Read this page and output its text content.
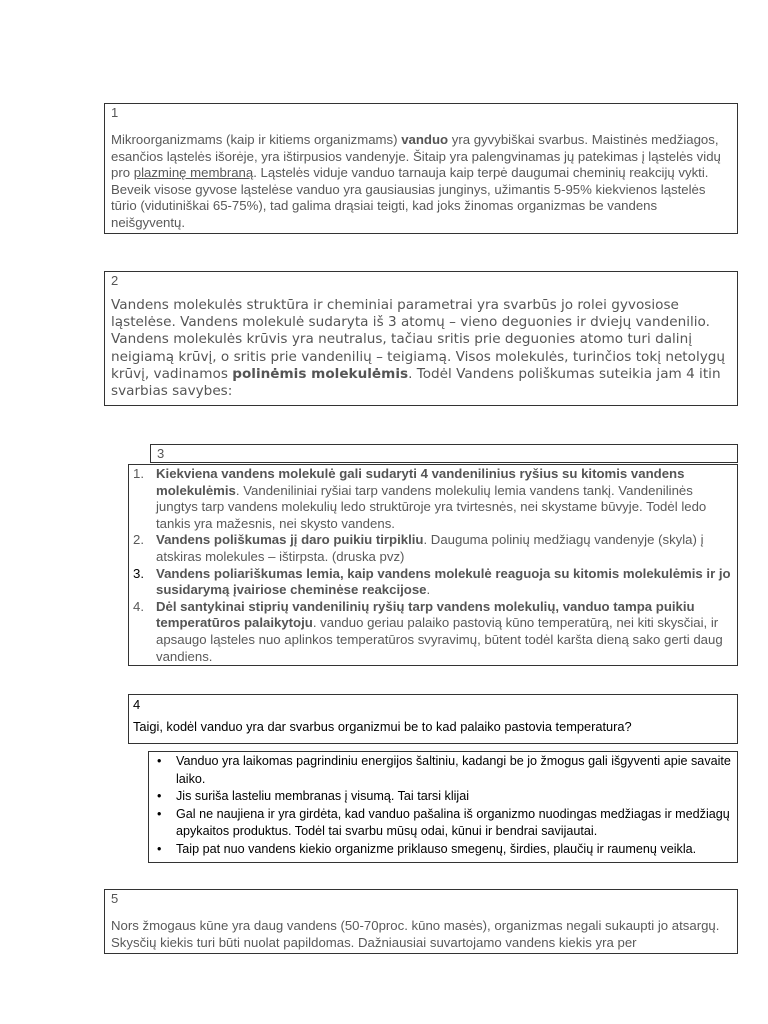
1
Mikroorganizmams (kaip ir kitiems organizmams) vanduo yra gyvybiškai svarbus. Maistinės medžiagos, esančios ląstelės išorėje, yra ištirpusios vandenyje. Šitaip yra palengvinamas jų patekimas į ląstelės vidų pro plazminę membraną. Ląstelės viduje vanduo tarnauja kaip terpė daugumai cheminių reakcijų vykti. Beveik visose gyvose ląstelėse vanduo yra gausiausias junginys, užimantis 5-95% kiekvienos ląstelės tūrio (vidutiniškai 65-75%), tad galima drąsiai teigti, kad joks žinomas organizmas be vandens neišgyventų.
2
Vandens molekulės struktūra ir cheminiai parametrai yra svarbūs jo rolei gyvosiose ląstelėse. Vandens molekulė sudaryta iš 3 atomų – vieno deguonies ir dviejų vandenilio. Vandens molekulės krūvis yra neutralus, tačiau sritis prie deguonies atomo turi dalinį neigiamą krūvį, o sritis prie vandenilių – teigiamą. Visos molekulės, turinčios tokį netolygų krūvį, vadinamos polinėmis molekulėmis. Todėl Vandens poliškumas suteikia jam 4 itin svarbias savybes:
3
1. Kiekviena vandens molekulė gali sudaryti 4 vandenilinius ryšius su kitomis vandens molekulėmis. Vandeniliniai ryšiai tarp vandens molekulių lemia vandens tankį. Vandenilinės jungtys tarp vandens molekulių ledo struktūroje yra tvirtesnės, nei skystame būvyje. Todėl ledo tankis yra mažesnis, nei skysto vandens.
2. Vandens poliškumas jį daro puikiu tirpikliu. Dauguma polinių medžiagų vandenyje (skyla) į atskiras molekules – ištirpsta. (druska pvz)
3. Vandens poliariškumas lemia, kaip vandens molekulė reaguoja su kitomis molekulėmis ir jo susidarymą įvairiose cheminėse reakcijose.
4. Dėl santykinai stiprių vandenilinių ryšių tarp vandens molekulių, vanduo tampa puikiu temperatūros palaikytoju. vanduo geriau palaiko pastovią kūno temperatūrą, nei kiti skysčiai, ir apsaugo ląsteles nuo aplinkos temperatūros svyravimų, būtent todėl karšta dieną sako gerti daug vandiens.
4
Taigi, kodėl vanduo yra dar svarbus organizmui be to kad palaiko pastovia temperatura?
• Vanduo yra laikomas pagrindiniu energijos šaltiniu, kadangi be jo žmogus gali išgyventi apie savaite laiko.
• Jis suriša lasteliu membranas į visumą. Tai tarsi klijai
• Gal ne naujiena ir yra girdėta, kad vanduo pašalina iš organizmo nuodingas medžiagas ir medžiagų apykaitos produktus. Todėl tai svarbu mūsų odai, kūnui ir bendrai savijautai.
• Taip pat nuo vandens kiekio organizme priklauso smegenų, širdies, plaučių ir raumenų veikla.
5
Nors žmogaus kūne yra daug vandens (50-70proc. kūno masės), organizmas negali sukaupti jo atsargų. Skysčių kiekis turi būti nuolat papildomas. Dažniausiai suvartojamo vandens kiekis yra per
